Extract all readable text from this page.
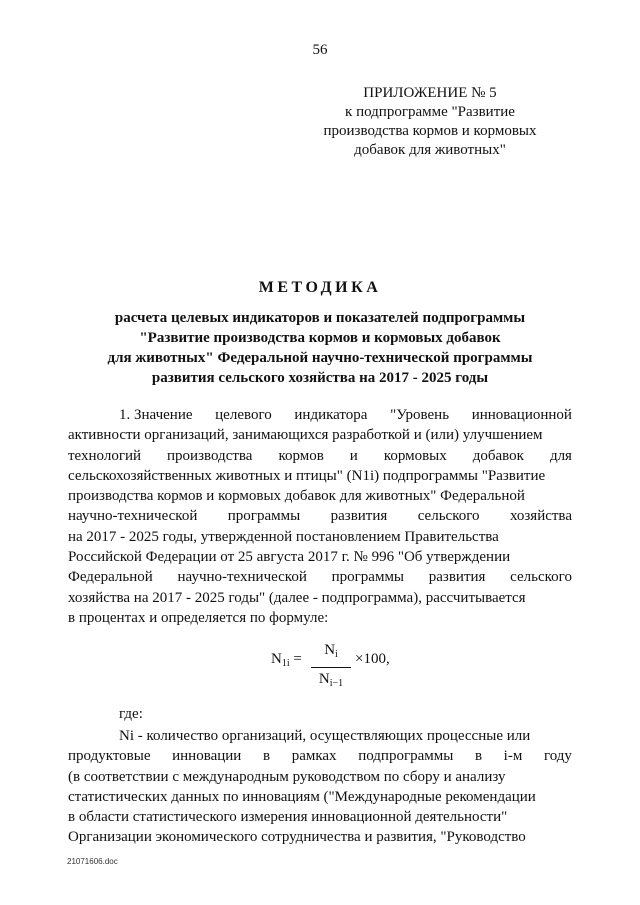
56
ПРИЛОЖЕНИЕ № 5
к подпрограмме "Развитие
производства кормов и кормовых
добавок для животных"
МЕТОДИКА
расчета целевых индикаторов и показателей подпрограммы
"Развитие производства кормов и кормовых добавок
для животных" Федеральной научно-технической программы
развития сельского хозяйства на 2017 - 2025 годы
1. Значение целевого индикатора "Уровень инновационной
активности организаций, занимающихся разработкой и (или) улучшением
технологий производства кормов и кормовых добавок для
сельскохозяйственных животных и птицы" (N1i) подпрограммы "Развитие
производства кормов и кормовых добавок для животных" Федеральной
научно-технической программы развития сельского хозяйства
на 2017 - 2025 годы, утвержденной постановлением Правительства
Российской Федерации от 25 августа 2017 г. № 996 "Об утверждении
Федеральной научно-технической программы развития сельского
хозяйства на 2017 - 2025 годы" (далее - подпрограмма), рассчитывается
в процентах и определяется по формуле:
$N_{1i}$ =
$N_i$
$N_{i-1}$
×100,
где:
Ni - количество организаций, осуществляющих процессные или
продуктовые инновации в рамках подпрограммы в i-м году
(в соответствии с международным руководством по сбору и анализу
статистических данных по инновациям ("Международные рекомендации
в области статистического измерения инновационной деятельности"
Организации экономического сотрудничества и развития, "Руководство
21071606.doc
